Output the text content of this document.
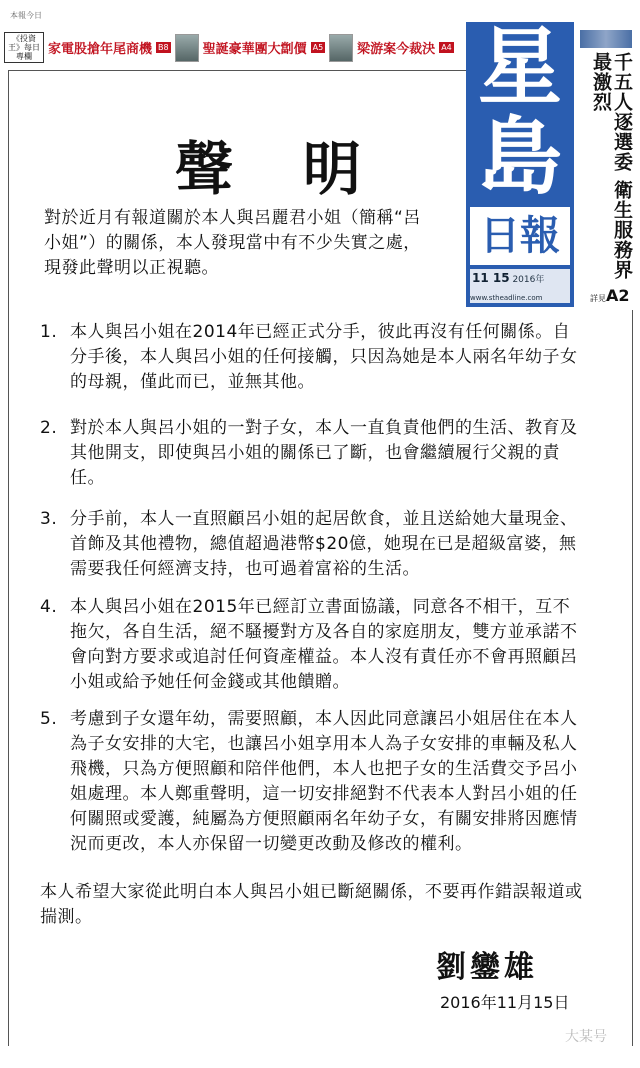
本報今日
《投資王》每日專欄	家電股搶年尾商機 B8	聖誕豪華團大劏價 A5	梁游案今裁決 A4 星
島
日報
11 15 2016年
www.stheadline.com
千五人逐選委 衛生服務界最激烈
詳見A2
聲明
對於近月有報道關於本人與呂麗君小姐（簡稱“呂小姐”）的關係，本人發現當中有不少失實之處，現發此聲明以正視聽。
1. 本人與呂小姐在2014年已經正式分手，彼此再沒有任何關係。自分手後，本人與呂小姐的任何接觸，只因為她是本人兩名年幼子女的母親，僅此而已，並無其他。
2. 對於本人與呂小姐的一對子女，本人一直負責他們的生活、教育及其他開支，即使與呂小姐的關係已了斷，也會繼續履行父親的責任。
3. 分手前，本人一直照顧呂小姐的起居飲食，並且送給她大量現金、首飾及其他禮物，總值超過港幣$20億，她現在已是超級富婆，無需要我任何經濟支持，也可過着富裕的生活。
4. 本人與呂小姐在2015年已經訂立書面協議，同意各不相干，互不拖欠，各自生活，絕不騷擾對方及各自的家庭朋友，雙方並承諾不會向對方要求或追討任何資產權益。本人沒有責任亦不會再照顧呂小姐或給予她任何金錢或其他饋贈。
5. 考慮到子女還年幼，需要照顧，本人因此同意讓呂小姐居住在本人為子女安排的大宅，也讓呂小姐享用本人為子女安排的車輛及私人飛機，只為方便照顧和陪伴他們，本人也把子女的生活費交予呂小姐處理。本人鄭重聲明，這一切安排絕對不代表本人對呂小姐的任何關照或愛護，純屬為方便照顧兩名年幼子女，有關安排將因應情況而更改，本人亦保留一切變更改動及修改的權利。
本人希望大家從此明白本人與呂小姐已斷絕關係，不要再作錯誤報道或揣測。
劉鑾雄
2016年11月15日
大某号
